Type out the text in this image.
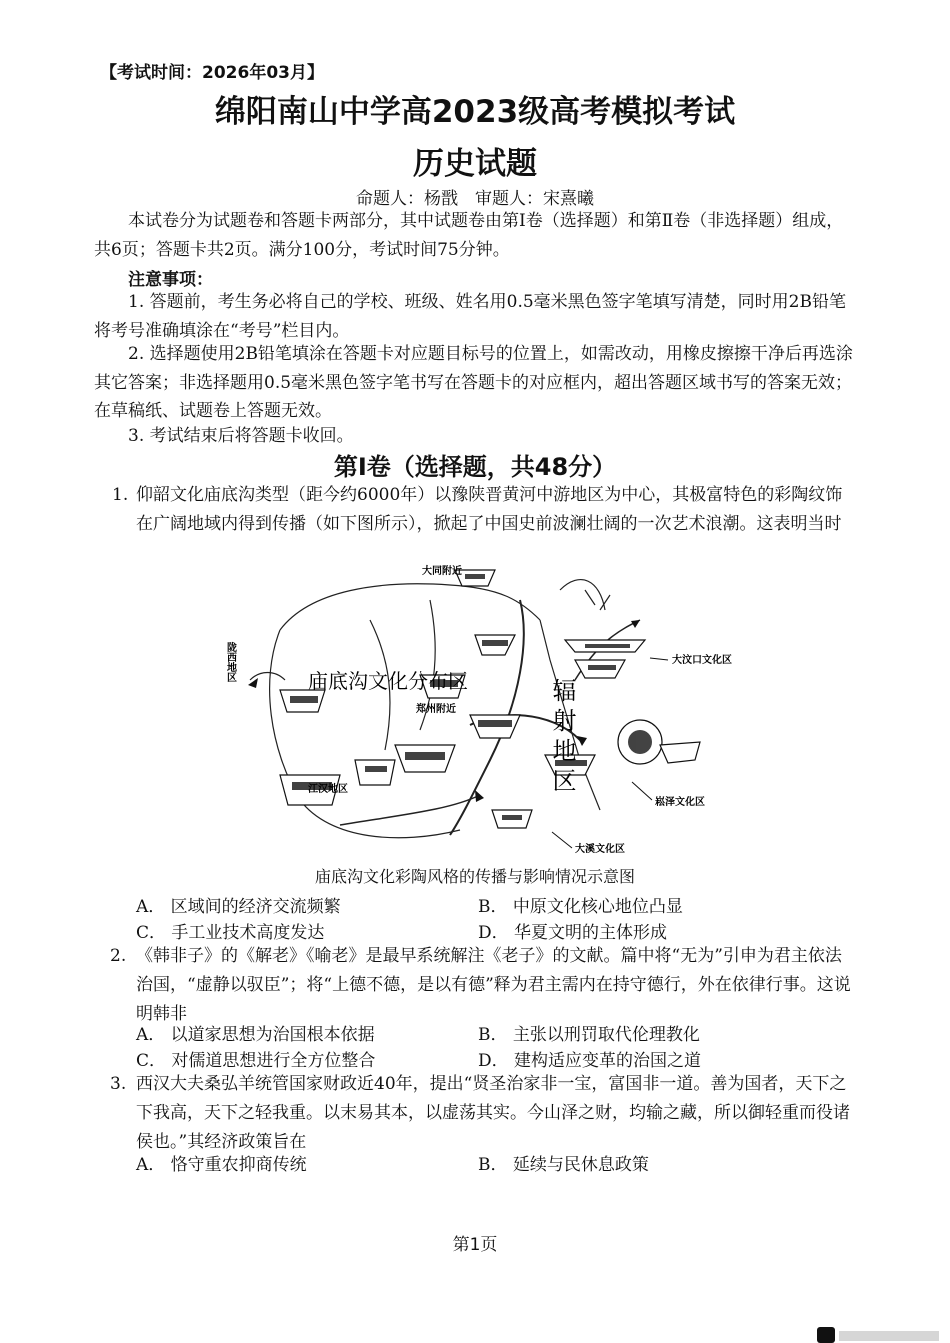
【考试时间：2026年03月】
绵阳南山中学高2023级高考模拟考试
历史试题
命题人：杨戬　审题人：宋熹曦
本试卷分为试题卷和答题卡两部分，其中试题卷由第Ⅰ卷（选择题）和第Ⅱ卷（非选择题）组成，共6页；答题卡共2页。满分100分，考试时间75分钟。
注意事项：
1. 答题前，考生务必将自己的学校、班级、姓名用0.5毫米黑色签字笔填写清楚，同时用2B铅笔将考号准确填涂在“考号”栏目内。
2. 选择题使用2B铅笔填涂在答题卡对应题目标号的位置上，如需改动，用橡皮擦擦干净后再选涂其它答案；非选择题用0.5毫米黑色签字笔书写在答题卡的对应框内，超出答题区域书写的答案无效；在草稿纸、试题卷上答题无效。
3. 考试结束后将答题卡收回。
第Ⅰ卷（选择题，共48分）
1. 仰韶文化庙底沟类型（距今约6000年）以豫陕晋黄河中游地区为中心，其极富特色的彩陶纹饰在广阔地域内得到传播（如下图所示），掀起了中国史前波澜壮阔的一次艺术浪潮。这表明当时
大同附近
陇西地区	庙底沟文化分布区
郑州附近	辐射地区
大汶口文化区
江汉地区
崧泽文化区
大溪文化区
庙底沟文化彩陶风格的传播与影响情况示意图
A． 区域间的经济交流频繁	B． 中原文化核心地位凸显
C． 手工业技术高度发达	D． 华夏文明的主体形成
2. 《韩非子》的《解老》《喻老》是最早系统解注《老子》的文献。篇中将“无为”引申为君主依法治国，“虚静以驭臣”；将“上德不德，是以有德”释为君主需内在持守德行，外在依律行事。这说明韩非
A． 以道家思想为治国根本依据	B． 主张以刑罚取代伦理教化
C． 对儒道思想进行全方位整合	D． 建构适应变革的治国之道
3. 西汉大夫桑弘羊统管国家财政近40年，提出“贤圣治家非一宝，富国非一道。善为国者，天下之下我高，天下之轻我重。以末易其本，以虚荡其实。今山泽之财，均输之藏，所以御轻重而役诸侯也。”其经济政策旨在
A． 恪守重农抑商传统	B． 延续与民休息政策
第1页
